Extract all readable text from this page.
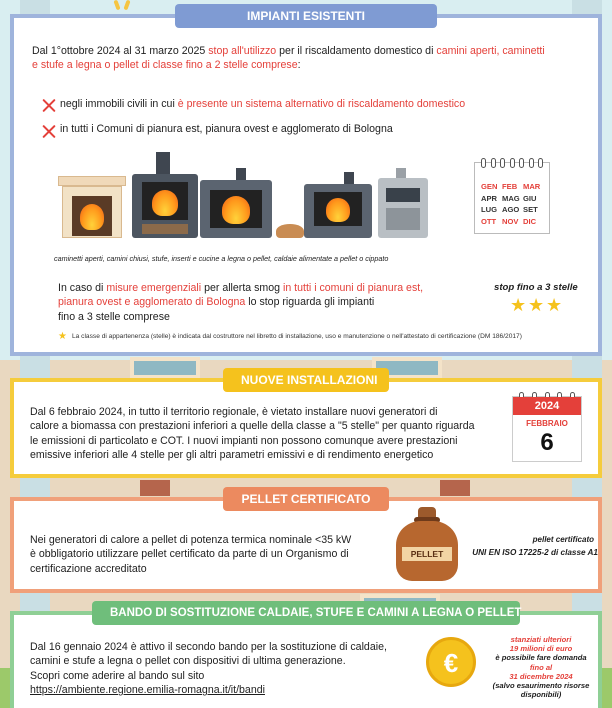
IMPIANTI ESISTENTI
Dal 1°ottobre 2024 al 31 marzo 2025 stop all'utilizzo per il riscaldamento domestico di camini aperti, caminetti
e stufe a legna o pellet di classe fino a 2 stelle comprese:
negli immobili civili in cui è presente un sistema alternativo di riscaldamento domestico
in tutti i Comuni di pianura est, pianura ovest e agglomerato di Bologna
GEN FEB MARAPR MAG GIULUG AGO SETOTT NOV DIC
caminetti aperti, camini chiusi, stufe, inserti e cucine a legna o pellet, caldaie alimentate a pellet o cippato
In caso di misure emergenziali per allerta smog in tutti i comuni di pianura est,
pianura ovest e agglomerato di Bologna lo stop riguarda gli impianti
fino a 3 stelle comprese
stop fino a 3 stelle
★ ★ ★
★ La classe di appartenenza (stelle) è indicata dal costruttore nel libretto di installazione, uso e manutenzione o nell'attestato di certificazione (DM 186/2017)
NUOVE INSTALLAZIONI
Dal 6 febbraio 2024, in tutto il territorio regionale, è vietato installare nuovi generatori di
calore a biomassa con prestazioni inferiori a quelle della classe a "5 stelle" per quanto riguarda
le emissioni di particolato e COT. I nuovi impianti non possono comunque avere prestazioni
emissive inferiori alle 4 stelle per gli altri parametri emissivi e di rendimento energetico
2024
FEBBRAIO
6
PELLET CERTIFICATO
Nei generatori di calore a pellet di potenza termica nominale <35 kW
è obbligatorio utilizzare pellet certificato da parte di un Organismo di
certificazione accreditato
PELLET
pellet certificato
UNI EN ISO 17225-2 di classe A1
BANDO DI SOSTITUZIONE CALDAIE, STUFE E CAMINI A LEGNA O PELLET
Dal 16 gennaio 2024 è attivo il secondo bando per la sostituzione di caldaie,
camini e stufe a legna o pellet con dispositivi di ultima generazione.
Scopri come aderire al bando sul sito
https://ambiente.regione.emilia-romagna.it/it/bandi
€
stanziati ulteriori
19 milioni di euro
è possibile fare domanda
fino al
31 dicembre 2024
(salvo esaurimento risorse
disponibili)
